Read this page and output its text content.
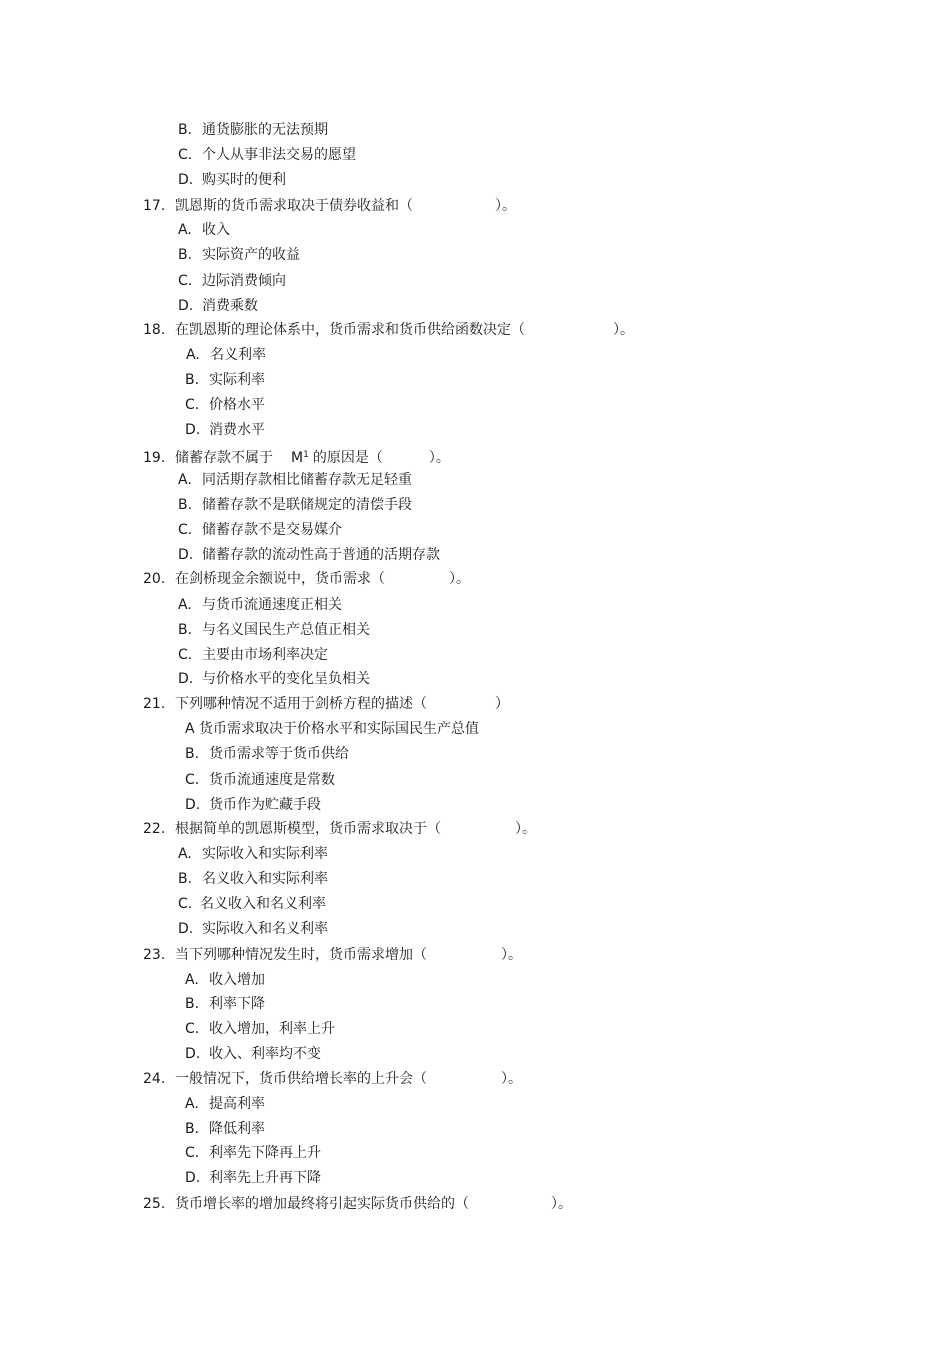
B. 通货膨胀的无法预期
C. 个人从事非法交易的愿望
D. 购买时的便利
17. 凯恩斯的货币需求取决于债券收益和（	）。
A. 收入
B. 实际资产的收益
C. 边际消费倾向
D. 消费乘数
18. 在凯恩斯的理论体系中，货币需求和货币供给函数决定（	）。
A. 名义利率
B. 实际利率
C. 价格水平
D. 消费水平
19. 储蓄存款不属于 $M^1$ 的原因是（	）。
A. 同活期存款相比储蓄存款无足轻重
B. 储蓄存款不是联储规定的清偿手段
C. 储蓄存款不是交易媒介
D. 储蓄存款的流动性高于普通的活期存款
20. 在剑桥现金余额说中，货币需求（	）。
A. 与货币流通速度正相关
B. 与名义国民生产总值正相关
C. 主要由市场利率决定
D. 与价格水平的变化呈负相关
21. 下列哪种情况不适用于剑桥方程的描述（	）
A 货币需求取决于价格水平和实际国民生产总值
B. 货币需求等于货币供给
C. 货币流通速度是常数
D. 货币作为贮藏手段
22. 根据简单的凯恩斯模型，货币需求取决于（	）。
A. 实际收入和实际利率
B. 名义收入和实际利率
C. 名义收入和名义利率
D. 实际收入和名义利率
23. 当下列哪种情况发生时，货币需求增加（	）。
A. 收入增加
B. 利率下降
C. 收入增加，利率上升
D. 收入、利率均不变
24. 一般情况下，货币供给增长率的上升会（	）。
A. 提高利率
B. 降低利率
C. 利率先下降再上升
D. 利率先上升再下降
25. 货币增长率的增加最终将引起实际货币供给的（	）。
